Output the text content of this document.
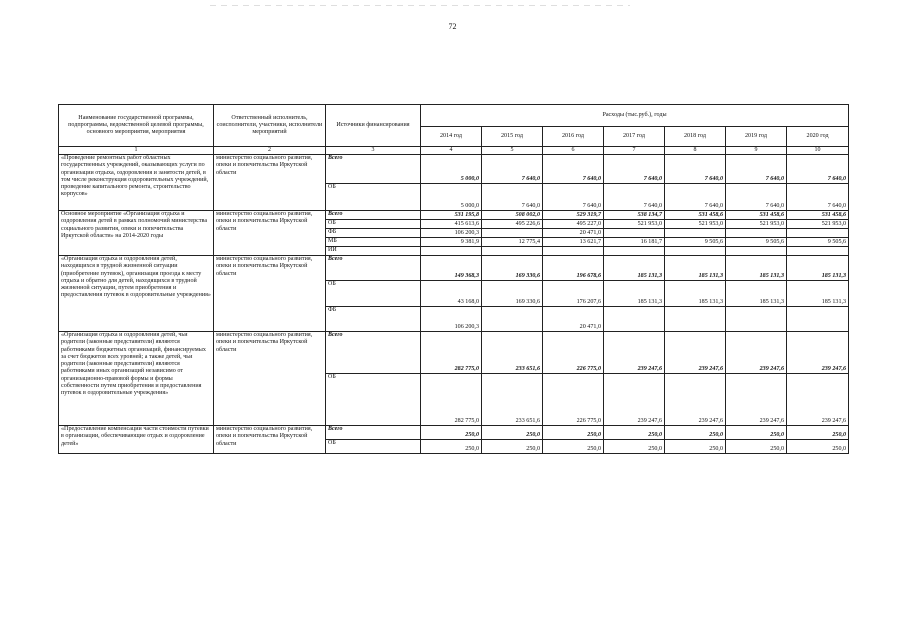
72
Наименование государственной программы, подпрограммы, ведомственной целевой программы, основного мероприятия, мероприятия	Ответственный исполнитель, соисполнители, участники, исполнители мероприятий	Источники финансирования	Расходы (тыс.руб.), годы						
			2014 год	2015 год	2016 год	2017 год	2018 год	2019 год	2020 год
1	2	3	4	5	6	7	8	9	10
«Проведение ремонтных работ областных государственных учреждений, оказывающих услуги по организации отдыха, оздоровления и занятости детей, в том числе реконструкция оздоровительных учреждений, проведение капитального ремонта, строительство корпусов»	министерство социального развития, опеки и попечительства Иркутской области	Всего	5 000,0	7 640,0	7 640,0	7 640,0	7 640,0	7 640,0	7 640,0
		ОБ	5 000,0	7 640,0	7 640,0	7 640,0	7 640,0	7 640,0	7 640,0
Основное мероприятие «Организация отдыха и оздоровления детей в рамках полномочий министерства социального развития, опеки и попечительства Иркутской области» на 2014-2020 годы	министерство социального развития, опеки и попечительства Иркутской области	Всего	531 195,8	508 002,0	529 319,7	538 134,7	531 458,6	531 458,6	531 458,6
		ОБ	415 613,6	495 226,6	495 227,0	521 953,0	521 953,0	521 953,0	521 953,0
		ФБ	106 200,3		20 471,0				
		МБ	9 381,9	12 775,4	13 621,7	16 181,7	9 505,6	9 505,6	9 505,6
		ИИ							
«Организация отдыха и оздоровления детей, находящихся в трудной жизненной ситуации (приобретение путевок), организация проезда к месту отдыха и обратно для детей, находящихся в трудной жизненной ситуации, путем приобретения и предоставления путевок в оздоровительные учреждения»	министерство социального развития, опеки и попечительства Иркутской области	Всего	149 368,3	169 330,6	196 678,6	185 131,3	185 131,3	185 131,3	185 131,3
		ОБ	43 168,0	169 330,6	176 207,6	185 131,3	185 131,3	185 131,3	185 131,3
		ФБ	106 200,3		20 471,0				
«Организация отдыха и оздоровления детей, чьи родители (законные представители) являются работниками бюджетных организаций, финансируемых за счет бюджетов всех уровней; а также детей, чьи родители (законные представители) являются работниками иных организаций независимо от организационно-правовой формы и формы собственности путем приобретения и предоставления путевок в оздоровительные учреждения»	министерство социального развития, опеки и попечительства Иркутской области	Всего	282 775,0	233 651,6	226 775,0	239 247,6	239 247,6	239 247,6	239 247,6
		ОБ	282 775,0	233 651,6	226 775,0	239 247,6	239 247,6	239 247,6	239 247,6
«Предоставление компенсации части стоимости путевки в организации, обеспечивающие отдых и оздоровление детей»	министерство социального развития, опеки и попечительства Иркутской области	Всего	250,0	250,0	250,0	250,0	250,0	250,0	250,0
		ОБ	250,0	250,0	250,0	250,0	250,0	250,0	250,0
